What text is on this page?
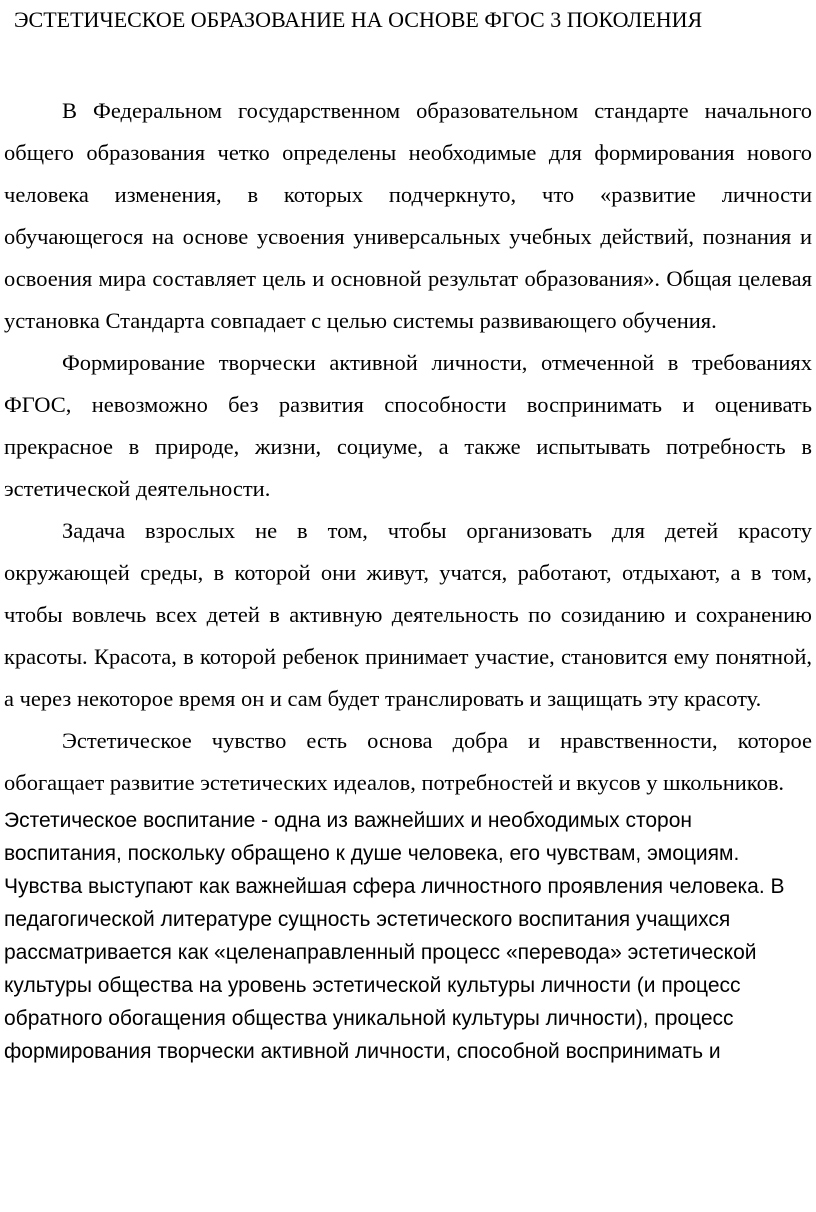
ЭСТЕТИЧЕСКОЕ ОБРАЗОВАНИЕ НА ОСНОВЕ ФГОС 3 ПОКОЛЕНИЯ

В Федеральном государственном образовательном стандарте начального общего образования четко определены необходимые для формирования нового человека изменения, в которых подчеркнуто, что «развитие личности обучающегося на основе усвоения универсальных учебных действий, познания и освоения мира составляет цель и основной результат образования». Общая целевая установка Стандарта совпадает с целью системы развивающего обучения.

Формирование творчески активной личности, отмеченной в требованиях ФГОС, невозможно без развития способности воспринимать и оценивать прекрасное в природе, жизни, социуме, а также испытывать потребность в эстетической деятельности.

Задача взрослых не в том, чтобы организовать для детей красоту окружающей среды, в которой они живут, учатся, работают, отдыхают, а в том, чтобы вовлечь всех детей в активную деятельность по созиданию и сохранению красоты. Красота, в которой ребенок принимает участие, становится ему понятной, а через некоторое время он и сам будет транслировать и защищать эту красоту.

Эстетическое чувство есть основа добра и нравственности, которое обогащает развитие эстетических идеалов, потребностей и вкусов у школьников.

Эстетическое воспитание - одна из важнейших и необходимых сторон воспитания, поскольку обращено к душе человека, его чувствам, эмоциям. Чувства выступают как важнейшая сфера личностного проявления человека. В педагогической литературе сущность эстетического воспитания учащихся рассматривается как «целенаправленный процесс «перевода» эстетической культуры общества на уровень эстетической культуры личности (и процесс обратного обогащения общества уникальной культуры личности), процесс формирования творчески активной личности, способной воспринимать и
